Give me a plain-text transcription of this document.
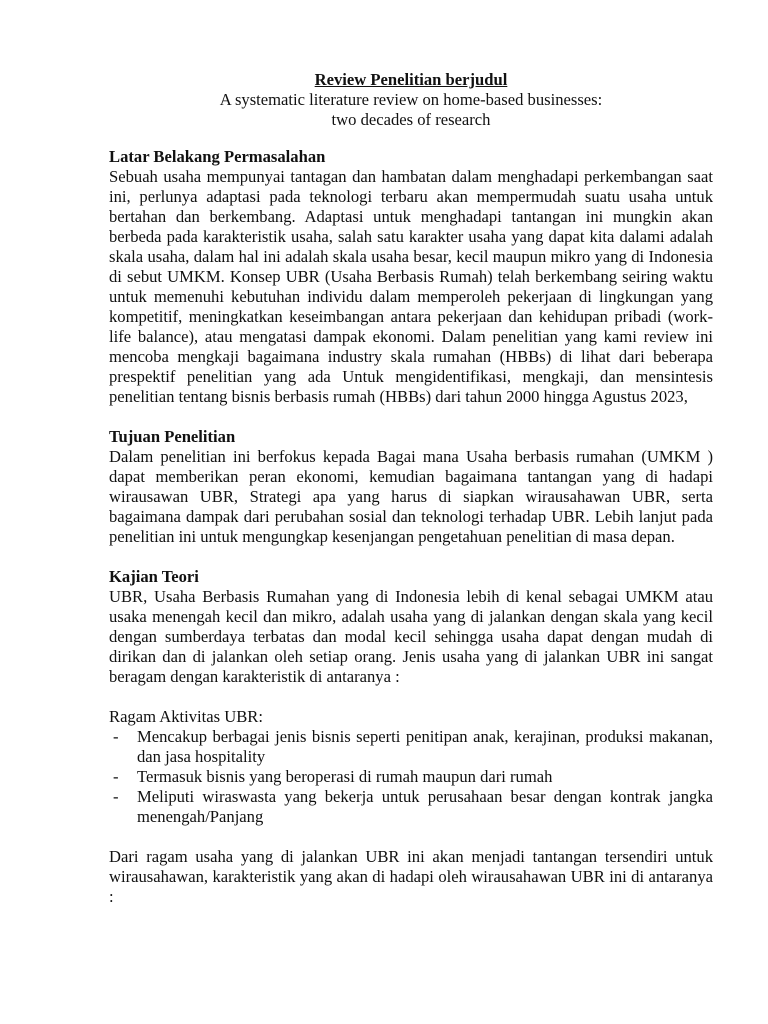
Review Penelitian berjudul
A systematic literature review on home-based businesses:
two decades of research
Latar Belakang Permasalahan
Sebuah usaha mempunyai tantagan dan hambatan dalam menghadapi perkembangan saat ini, perlunya adaptasi pada teknologi terbaru akan mempermudah suatu usaha untuk bertahan dan berkembang. Adaptasi untuk menghadapi tantangan ini mungkin akan berbeda pada karakteristik usaha, salah satu karakter usaha yang dapat kita dalami adalah skala usaha, dalam hal ini adalah skala usaha besar, kecil maupun mikro yang di Indonesia di sebut UMKM. Konsep UBR (Usaha Berbasis Rumah) telah berkembang seiring waktu untuk memenuhi kebutuhan individu dalam memperoleh pekerjaan di lingkungan yang kompetitif, meningkatkan keseimbangan antara pekerjaan dan kehidupan pribadi (work-life balance), atau mengatasi dampak ekonomi. Dalam penelitian yang kami review ini mencoba mengkaji bagaimana industry skala rumahan (HBBs) di lihat dari beberapa prespektif penelitian yang ada Untuk mengidentifikasi, mengkaji, dan mensintesis penelitian tentang bisnis berbasis rumah (HBBs) dari tahun 2000 hingga Agustus 2023,
Tujuan Penelitian
Dalam penelitian ini berfokus kepada Bagai mana Usaha berbasis rumahan (UMKM ) dapat memberikan peran ekonomi, kemudian bagaimana tantangan yang di hadapi wirausawan UBR, Strategi apa yang harus di siapkan wirausahawan UBR, serta bagaimana dampak dari perubahan sosial dan teknologi terhadap UBR. Lebih lanjut pada penelitian ini untuk mengungkap kesenjangan pengetahuan penelitian di masa depan.
Kajian Teori
UBR, Usaha Berbasis Rumahan yang di Indonesia lebih di kenal sebagai UMKM atau usaka menengah kecil dan mikro, adalah usaha yang di jalankan dengan skala yang kecil dengan sumberdaya terbatas dan modal kecil sehingga usaha dapat dengan mudah di dirikan dan di jalankan oleh setiap orang. Jenis usaha yang di jalankan UBR ini sangat beragam dengan karakteristik di antaranya :
Ragam Aktivitas UBR:
- Mencakup berbagai jenis bisnis seperti penitipan anak, kerajinan, produksi makanan, dan jasa hospitality
- Termasuk bisnis yang beroperasi di rumah maupun dari rumah
- Meliputi wiraswasta yang bekerja untuk perusahaan besar dengan kontrak jangka menengah/Panjang
Dari ragam usaha yang di jalankan UBR ini akan menjadi tantangan tersendiri untuk wirausahawan, karakteristik yang akan di hadapi oleh wirausahawan UBR ini di antaranya :
